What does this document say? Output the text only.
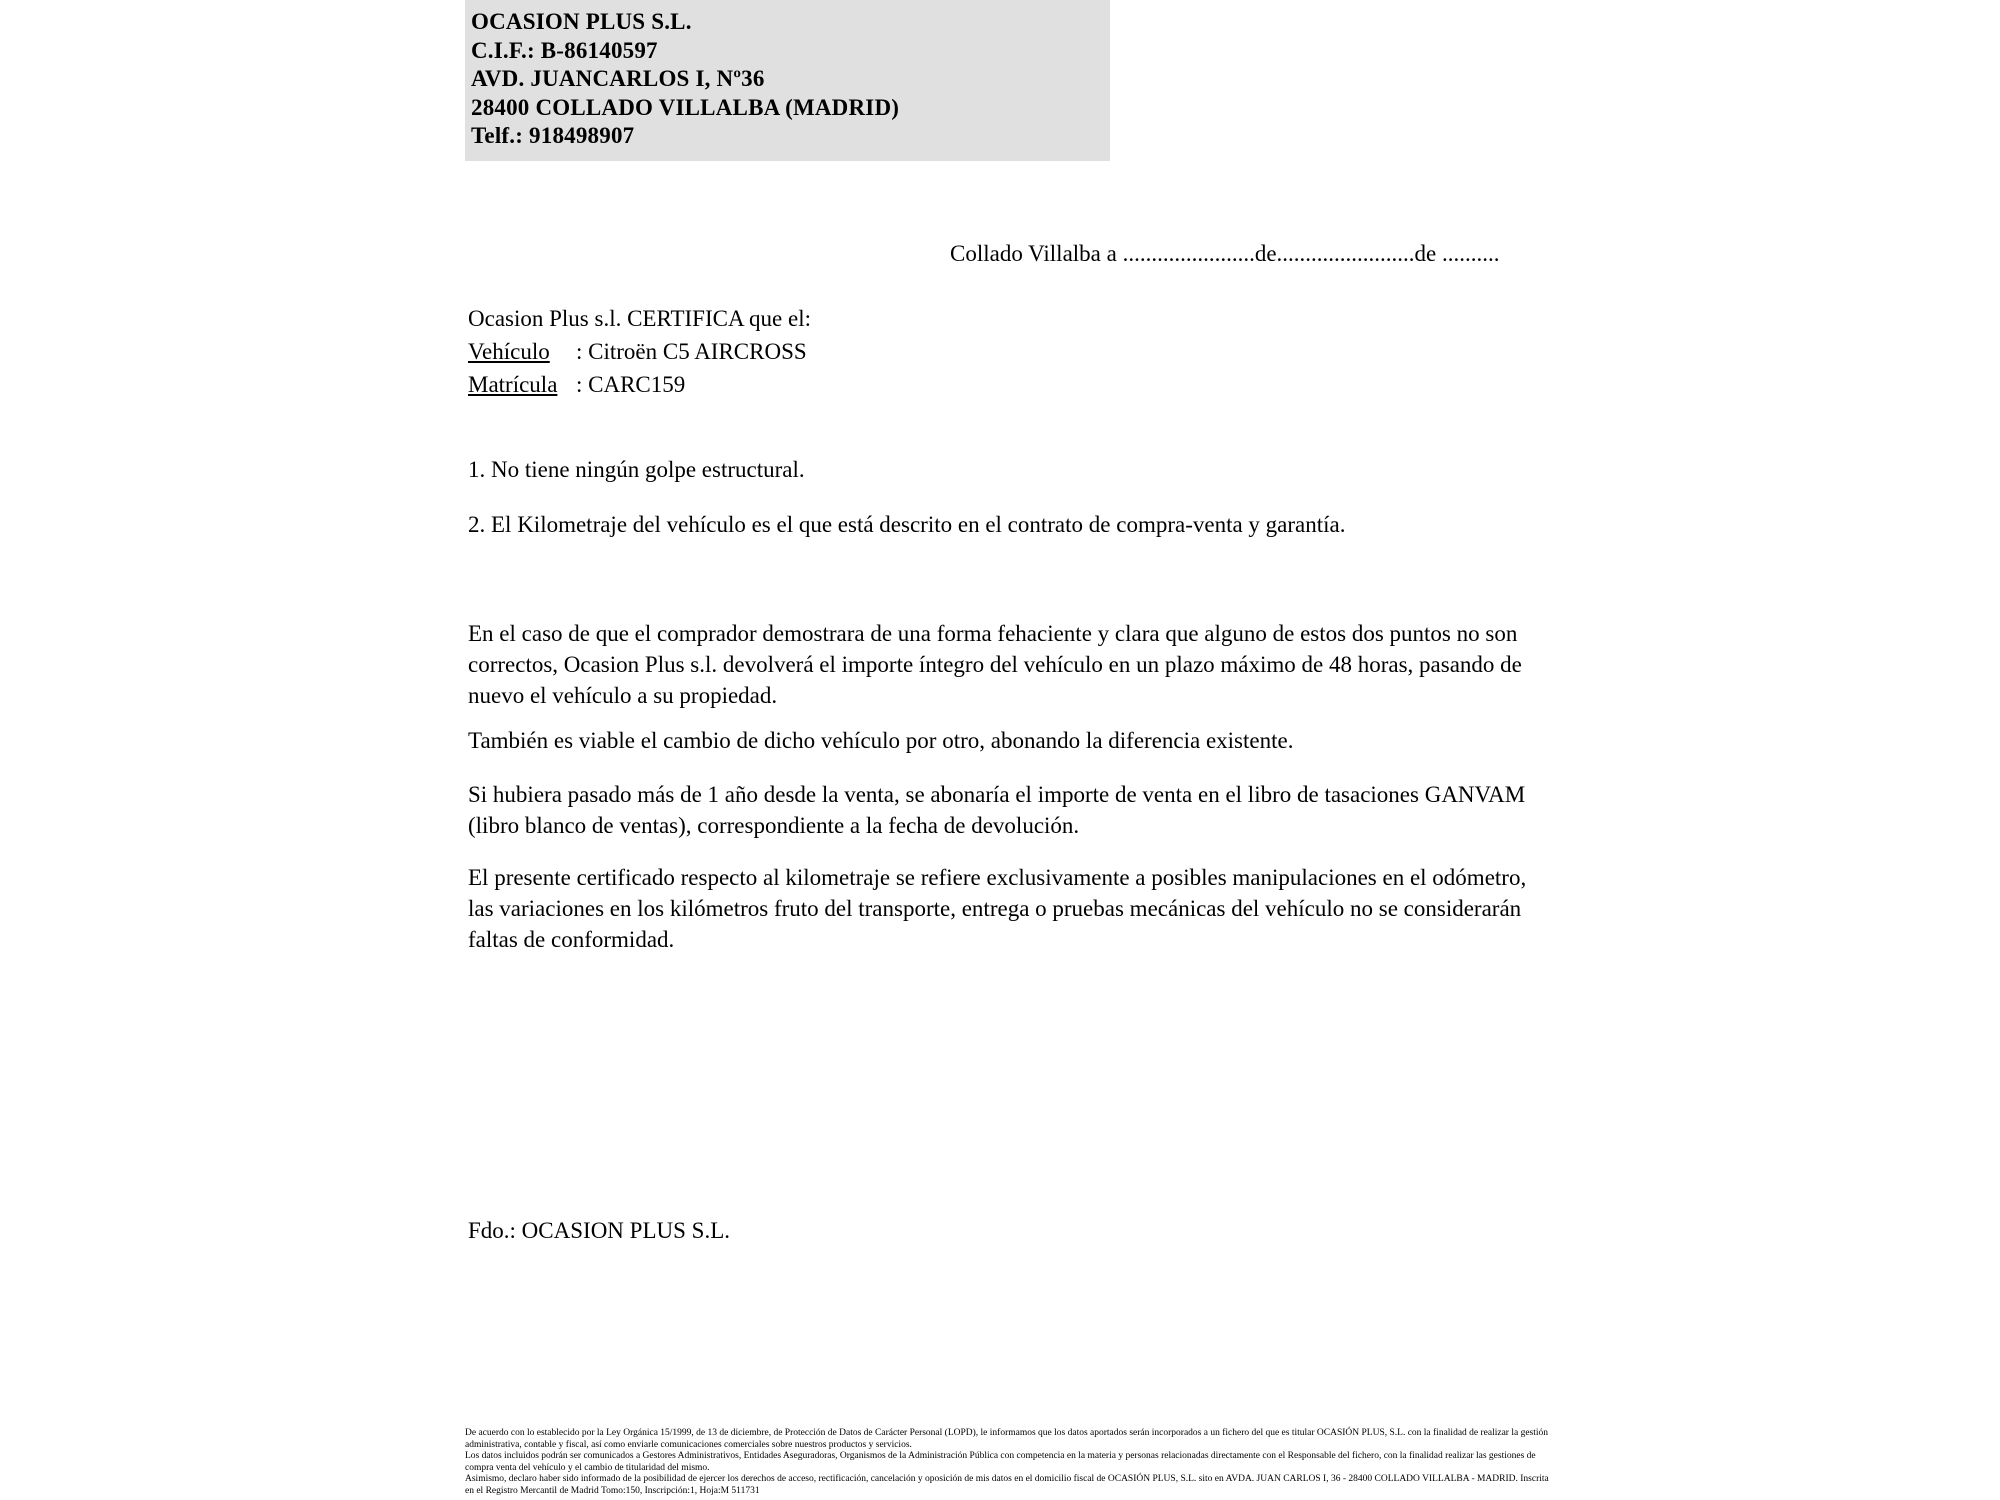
OCASION PLUS S.L.
C.I.F.: B-86140597
AVD. JUANCARLOS I, Nº36
28400 COLLADO VILLALBA (MADRID)
Telf.: 918498907
Collado Villalba a .......................de........................de ..........
Ocasion Plus s.l. CERTIFICA que el:
Vehículo : Citroën C5 AIRCROSS
Matrícula : CARC159
1. No tiene ningún golpe estructural.
2. El Kilometraje del vehículo es el que está descrito en el contrato de compra-venta y garantía.
En el caso de que el comprador demostrara de una forma fehaciente y clara que alguno de estos dos puntos no son correctos, Ocasion Plus s.l. devolverá el importe íntegro del vehículo en un plazo máximo de 48 horas, pasando de nuevo el vehículo a su propiedad.
También es viable el cambio de dicho vehículo por otro, abonando la diferencia existente.
Si hubiera pasado más de 1 año desde la venta, se abonaría el importe de venta en el libro de tasaciones GANVAM (libro blanco de ventas), correspondiente a la fecha de devolución.
El presente certificado respecto al kilometraje se refiere exclusivamente a posibles manipulaciones en el odómetro, las variaciones en los kilómetros fruto del transporte, entrega o pruebas mecánicas del vehículo no se considerarán faltas de conformidad.
Fdo.: OCASION PLUS S.L.

De acuerdo con lo establecido por la Ley Orgánica 15/1999, de 13 de diciembre, de Protección de Datos de Carácter Personal (LOPD), le informamos que los datos aportados serán incorporados a un fichero del que es titular OCASIÓN PLUS, S.L. con la finalidad de realizar la gestión administrativa, contable y fiscal, así como enviarle comunicaciones comerciales sobre nuestros productos y servicios.

Los datos incluidos podrán ser comunicados a Gestores Administrativos, Entidades Aseguradoras, Organismos de la Administración Pública con competencia en la materia y personas relacionadas directamente con el Responsable del fichero, con la finalidad realizar las gestiones de compra venta del vehículo y el cambio de titularidad del mismo.

Asimismo, declaro haber sido informado de la posibilidad de ejercer los derechos de acceso, rectificación, cancelación y oposición de mis datos en el domicilio fiscal de OCASIÓN PLUS, S.L. sito en AVDA. JUAN CARLOS I, 36 - 28400 COLLADO VILLALBA - MADRID. Inscrita en el Registro Mercantil de Madrid Tomo:150, Inscripción:1, Hoja:M 511731
